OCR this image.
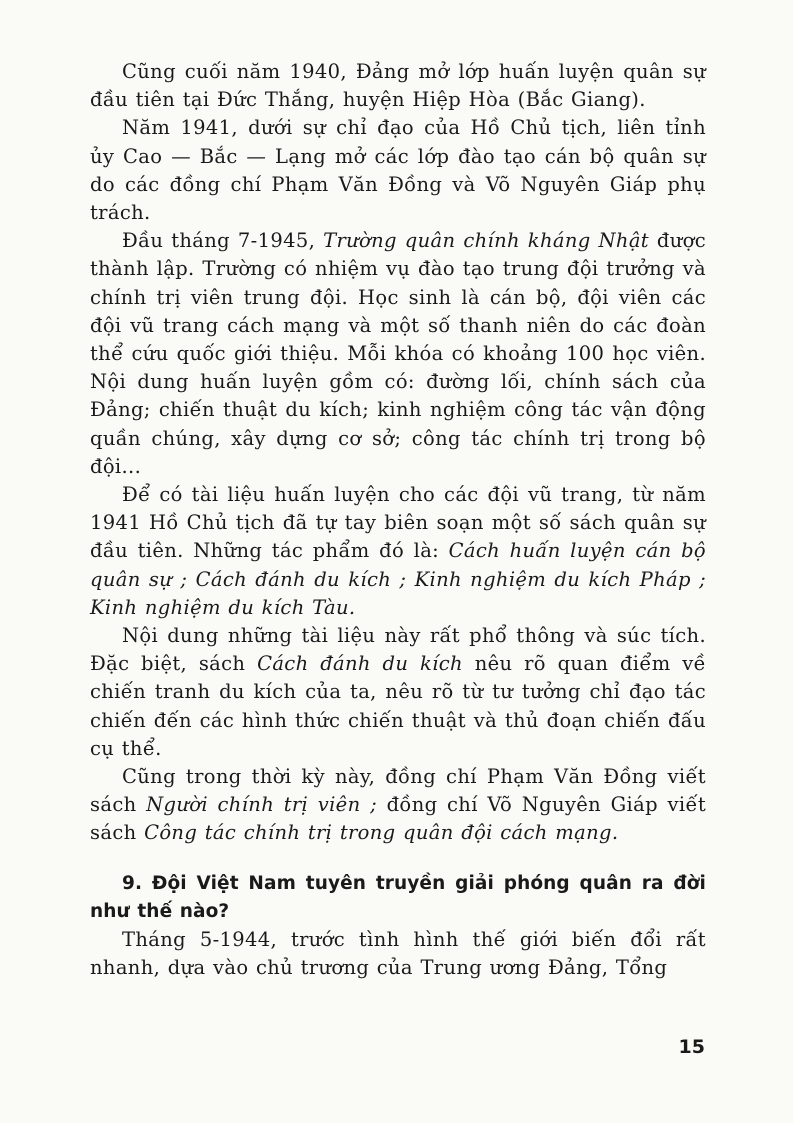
Cũng cuối năm 1940, Đảng mở lớp huấn luyện quân sự đầu tiên tại Đức Thắng, huyện Hiệp Hòa (Bắc Giang).

Năm 1941, dưới sự chỉ đạo của Hồ Chủ tịch, liên tỉnh ủy Cao — Bắc — Lạng mở các lớp đào tạo cán bộ quân sự do các đồng chí Phạm Văn Đồng và Võ Nguyên Giáp phụ trách.

Đầu tháng 7-1945, Trường quân chính kháng Nhật được thành lập. Trường có nhiệm vụ đào tạo trung đội trưởng và chính trị viên trung đội. Học sinh là cán bộ, đội viên các đội vũ trang cách mạng và một số thanh niên do các đoàn thể cứu quốc giới thiệu. Mỗi khóa có khoảng 100 học viên. Nội dung huấn luyện gồm có: đường lối, chính sách của Đảng; chiến thuật du kích; kinh nghiệm công tác vận động quần chúng, xây dựng cơ sở; công tác chính trị trong bộ đội...

Để có tài liệu huấn luyện cho các đội vũ trang, từ năm 1941 Hồ Chủ tịch đã tự tay biên soạn một số sách quân sự đầu tiên. Những tác phẩm đó là: Cách huấn luyện cán bộ quân sự ; Cách đánh du kích ; Kinh nghiệm du kích Pháp ; Kinh nghiệm du kích Tàu.

Nội dung những tài liệu này rất phổ thông và súc tích. Đặc biệt, sách Cách đánh du kích nêu rõ quan điểm về chiến tranh du kích của ta, nêu rõ từ tư tưởng chỉ đạo tác chiến đến các hình thức chiến thuật và thủ đoạn chiến đấu cụ thể.

Cũng trong thời kỳ này, đồng chí Phạm Văn Đồng viết sách Người chính trị viên ; đồng chí Võ Nguyên Giáp viết sách Công tác chính trị trong quân đội cách mạng.

9. Đội Việt Nam tuyên truyền giải phóng quân ra đời như thế nào?

Tháng 5-1944, trước tình hình thế giới biến đổi rất nhanh, dựa vào chủ trương của Trung ương Đảng, Tổng

15
